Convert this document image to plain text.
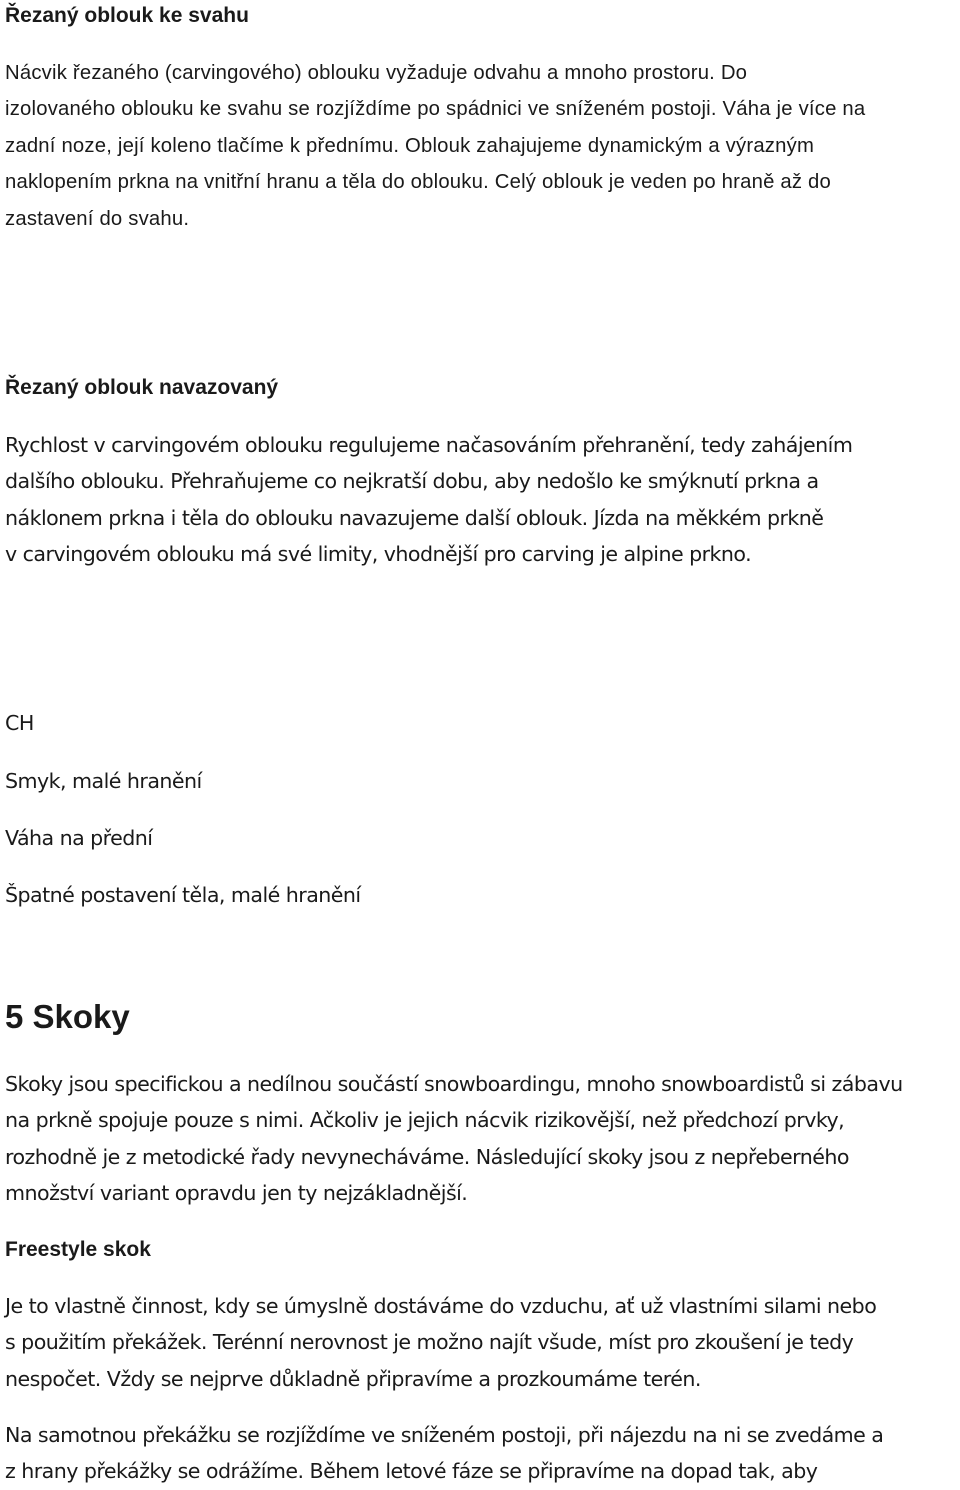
Řezaný oblouk ke svahu
Nácvik řezaného (carvingového) oblouku vyžaduje odvahu a mnoho prostoru. Do
izolovaného oblouku ke svahu se rozjíždíme po spádnici ve sníženém postoji. Váha je více na
zadní noze, její koleno tlačíme k přednímu. Oblouk zahajujeme dynamickým a výrazným
naklopením prkna na vnitřní hranu a těla do oblouku. Celý oblouk je veden po hraně až do
zastavení do svahu.
Řezaný oblouk navazovaný
Rychlost v carvingovém oblouku regulujeme načasováním přehranění, tedy zahájením
dalšího oblouku. Přehraňujeme co nejkratší dobu, aby nedošlo ke smýknutí prkna a
náklonem prkna i těla do oblouku navazujeme další oblouk. Jízda na měkkém prkně
v carvingovém oblouku má své limity, vhodnější pro carving je alpine prkno.
CH
Smyk, malé hranění
Váha na přední
Špatné postavení těla, malé hranění
5 Skoky
Skoky jsou specifickou a nedílnou součástí snowboardingu, mnoho snowboardistů si zábavu
na prkně spojuje pouze s nimi. Ačkoliv je jejich nácvik rizikovější, než předchozí prvky,
rozhodně je z metodické řady nevynecháváme. Následující skoky jsou z nepřeberného
množství variant opravdu jen ty nejzákladnější.
Freestyle skok
Je to vlastně činnost, kdy se úmyslně dostáváme do vzduchu, ať už vlastními silami nebo
s použitím překážek. Terénní nerovnost je možno najít všude, míst pro zkoušení je tedy
nespočet. Vždy se nejprve důkladně připravíme a prozkoumáme terén.
Na samotnou překážku se rozjíždíme ve sníženém postoji, při nájezdu na ni se zvedáme a
z hrany překážky se odrážíme. Během letové fáze se připravíme na dopad tak, aby
